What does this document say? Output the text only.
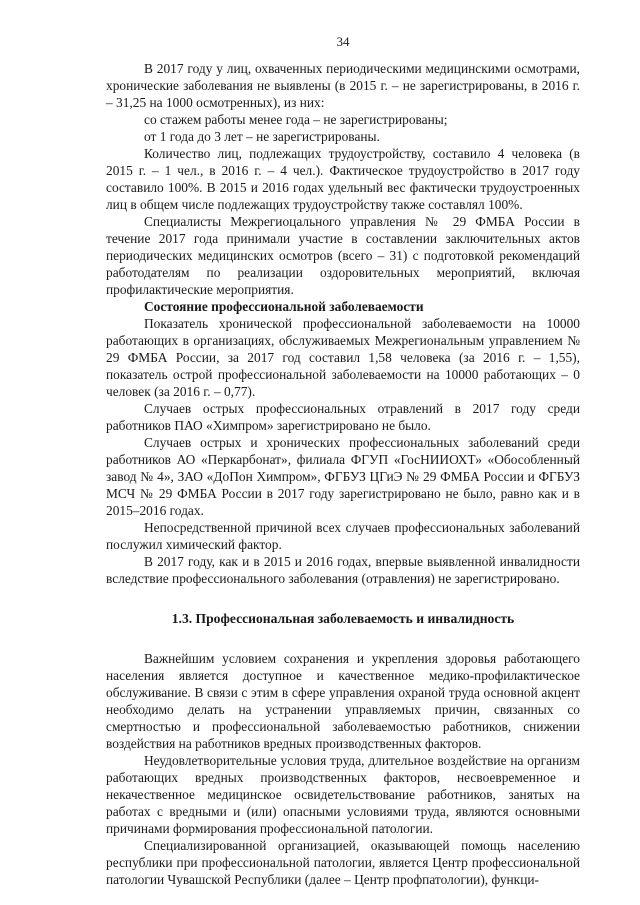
34

В 2017 году у лиц, охваченных периодическими медицинскими осмотрами, хронические заболевания не выявлены (в 2015 г. – не зарегистрированы, в 2016 г. – 31,25 на 1000 осмотренных), из них:

со стажем работы менее года – не зарегистрированы;

от 1 года до 3 лет – не зарегистрированы.

Количество лиц, подлежащих трудоустройству, составило 4 человека (в 2015 г. – 1 чел., в 2016 г. – 4 чел.). Фактическое трудоустройство в 2017 году составило 100%. В 2015 и 2016 годах удельный вес фактически трудоустроенных лиц в общем числе подлежащих трудоустройству также составлял 100%.

Специалисты Межрегиоцального управления № 29 ФМБА России в течение 2017 года принимали участие в составлении заключительных актов периодических медицинских осмотров (всего – 31) с подготовкой рекомендаций работодателям по реализации оздоровительных мероприятий, включая профилактические мероприятия.

Состояние профессиональной заболеваемости

Показатель хронической профессиональной заболеваемости на 10000 работающих в организациях, обслуживаемых Межрегиональным управлением № 29 ФМБА России, за 2017 год составил 1,58 человека (за 2016 г. – 1,55), показатель острой профессиональной заболеваемости на 10000 работающих – 0 человек (за 2016 г. – 0,77).

Случаев острых профессиональных отравлений в 2017 году среди работников ПАО «Химпром» зарегистрировано не было.

Случаев острых и хронических профессиональных заболеваний среди работников АО «Перкарбонат», филиала ФГУП «ГосНИИОХТ» «Обособленный завод № 4», ЗАО «ДоПон Химпром», ФГБУЗ ЦГиЭ № 29 ФМБА России и ФГБУЗ МСЧ № 29 ФМБА России в 2017 году зарегистрировано не было, равно как и в 2015–2016 годах.

Непосредственной причиной всех случаев профессиональных заболеваний послужил химический фактор.

В 2017 году, как и в 2015 и 2016 годах, впервые выявленной инвалидности вследствие профессионального заболевания (отравления) не зарегистрировано.

1.3. Профессиональная заболеваемость и инвалидность

Важнейшим условием сохранения и укрепления здоровья работающего населения является доступное и качественное медико-профилактическое обслуживание. В связи с этим в сфере управления охраной труда основной акцент необходимо делать на устранении управляемых причин, связанных со смертностью и профессиональной заболеваемостью работников, снижении воздействия на работников вредных производственных факторов.

Неудовлетворительные условия труда, длительное воздействие на организм работающих вредных производственных факторов, несвоевременное и некачественное медицинское освидетельствование работников, занятых на работах с вредными и (или) опасными условиями труда, являются основными причинами формирования профессиональной патологии.

Специализированной организацией, оказывающей помощь населению республики при профессиональной патологии, является Центр профессиональной патологии Чувашской Республики (далее – Центр профпатологии), функци-
